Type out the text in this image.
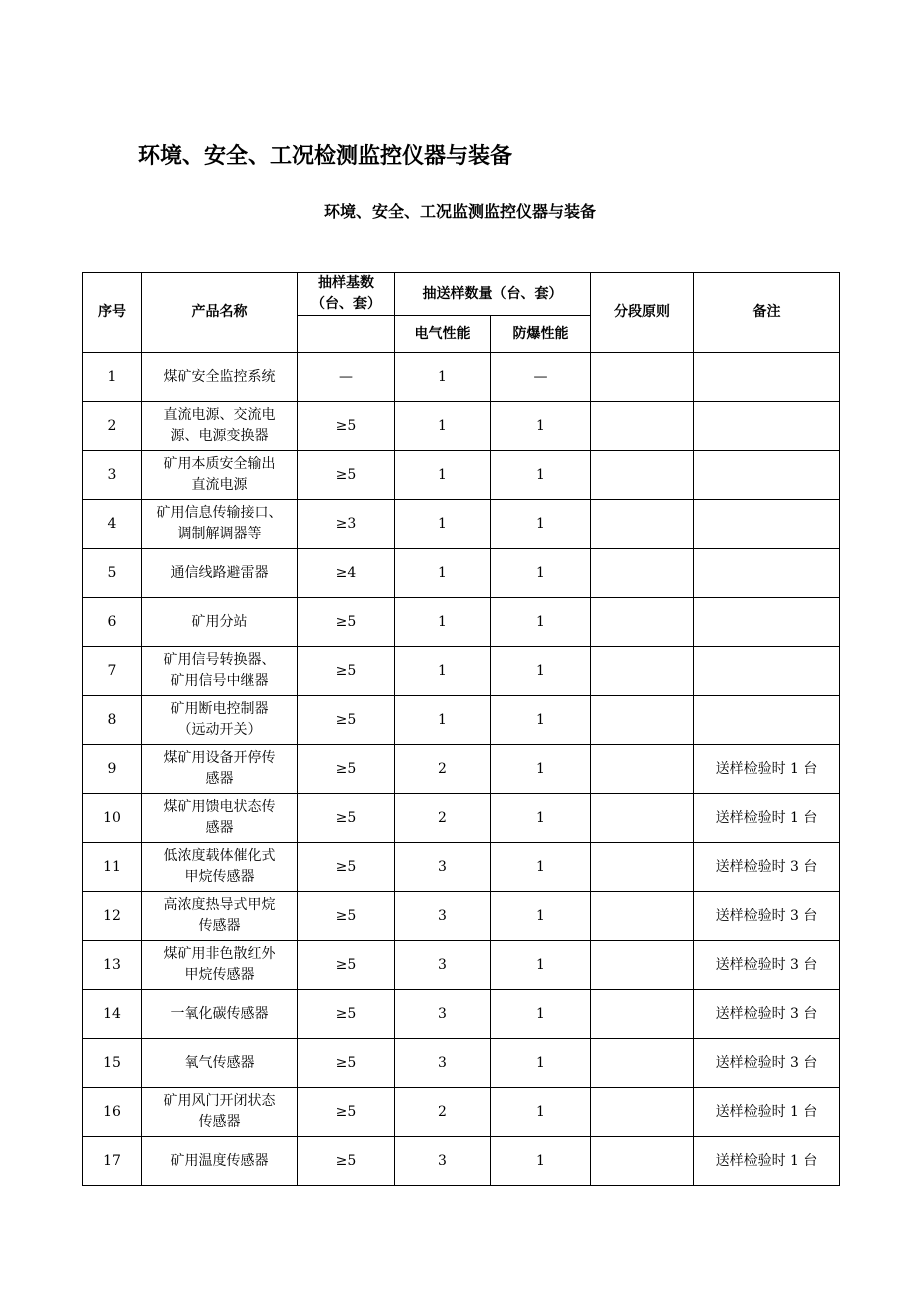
环境、安全、工况检测监控仪器与装备
环境、安全、工况监测监控仪器与装备
序号	产品名称	抽样基数
（台、套）	抽送样数量（台、套）		分段原则	备注
			电气性能	防爆性能		
1	煤矿安全监控系统	—	1	—		
2	直流电源、交流电
源、电源变换器	≥5	1	1		
3	矿用本质安全输出
直流电源	≥5	1	1		
4	矿用信息传输接口、
调制解调器等	≥3	1	1		
5	通信线路避雷器	≥4	1	1		
6	矿用分站	≥5	1	1		
7	矿用信号转换器、
矿用信号中继器	≥5	1	1		
8	矿用断电控制器
（远动开关）	≥5	1	1		
9	煤矿用设备开停传
感器	≥5	2	1		送样检验时 1 台
10	煤矿用馈电状态传
感器	≥5	2	1		送样检验时 1 台
11	低浓度载体催化式
甲烷传感器	≥5	3	1		送样检验时 3 台
12	高浓度热导式甲烷
传感器	≥5	3	1		送样检验时 3 台
13	煤矿用非色散红外
甲烷传感器	≥5	3	1		送样检验时 3 台
14	一氧化碳传感器	≥5	3	1		送样检验时 3 台
15	氧气传感器	≥5	3	1		送样检验时 3 台
16	矿用风门开闭状态
传感器	≥5	2	1		送样检验时 1 台
17	矿用温度传感器	≥5	3	1		送样检验时 1 台
